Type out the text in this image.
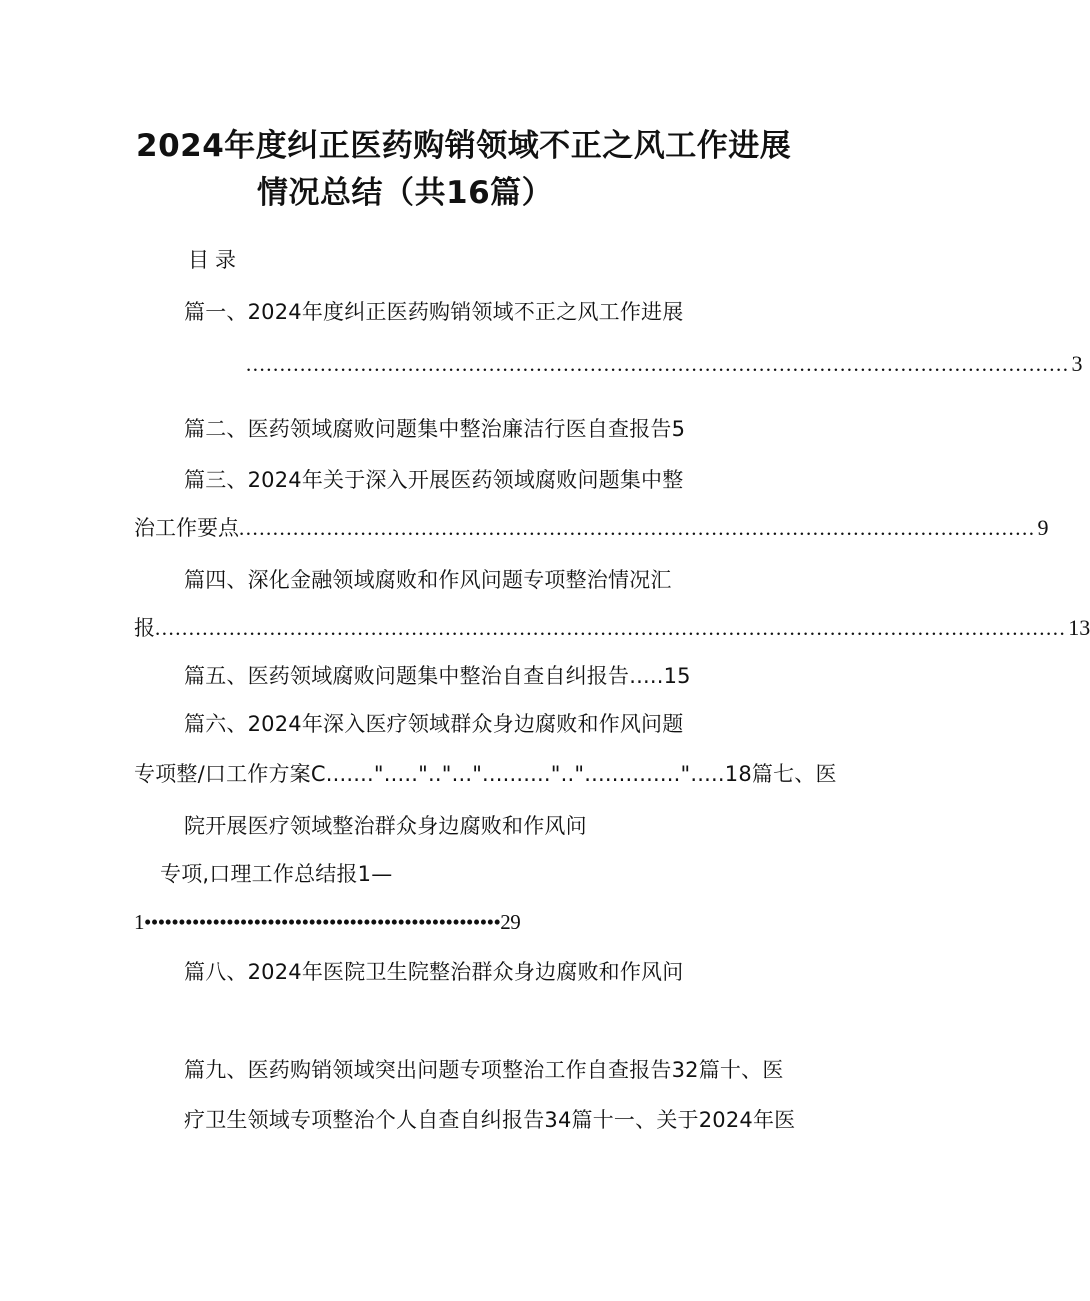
2024年度纠正医药购销领域不正之风工作进展
情况总结（共16篇）
目录
篇一、2024年度纠正医药购销领域不正之风工作进展
.......................................................................................................................... 3
篇二、医药领域腐败问题集中整治廉洁行医自查报告5
篇三、2024年关于深入开展医药领域腐败问题集中整
治工作要点 ...................................................................................................................... 9
篇四、深化金融领域腐败和作风问题专项整治情况汇
报 ....................................................................................................................................... 13
篇五、医药领域腐败问题集中整治自查自纠报告.....15
篇六、2024年深入医疗领域群众身边腐败和作风问题
专项整/口工作方案C.......".....".."..."..........".."..............".....18篇七、医
院开展医疗领域整治群众身边腐败和作风问
专项,口理工作总结报1—
1••••••••••••••••••••••••••••••••••••••••••••••••••••29
篇八、2024年医院卫生院整治群众身边腐败和作风问
篇九、医药购销领域突出问题专项整治工作自查报告32篇十、医
疗卫生领域专项整治个人自查自纠报告34篇十一、关于2024年医
